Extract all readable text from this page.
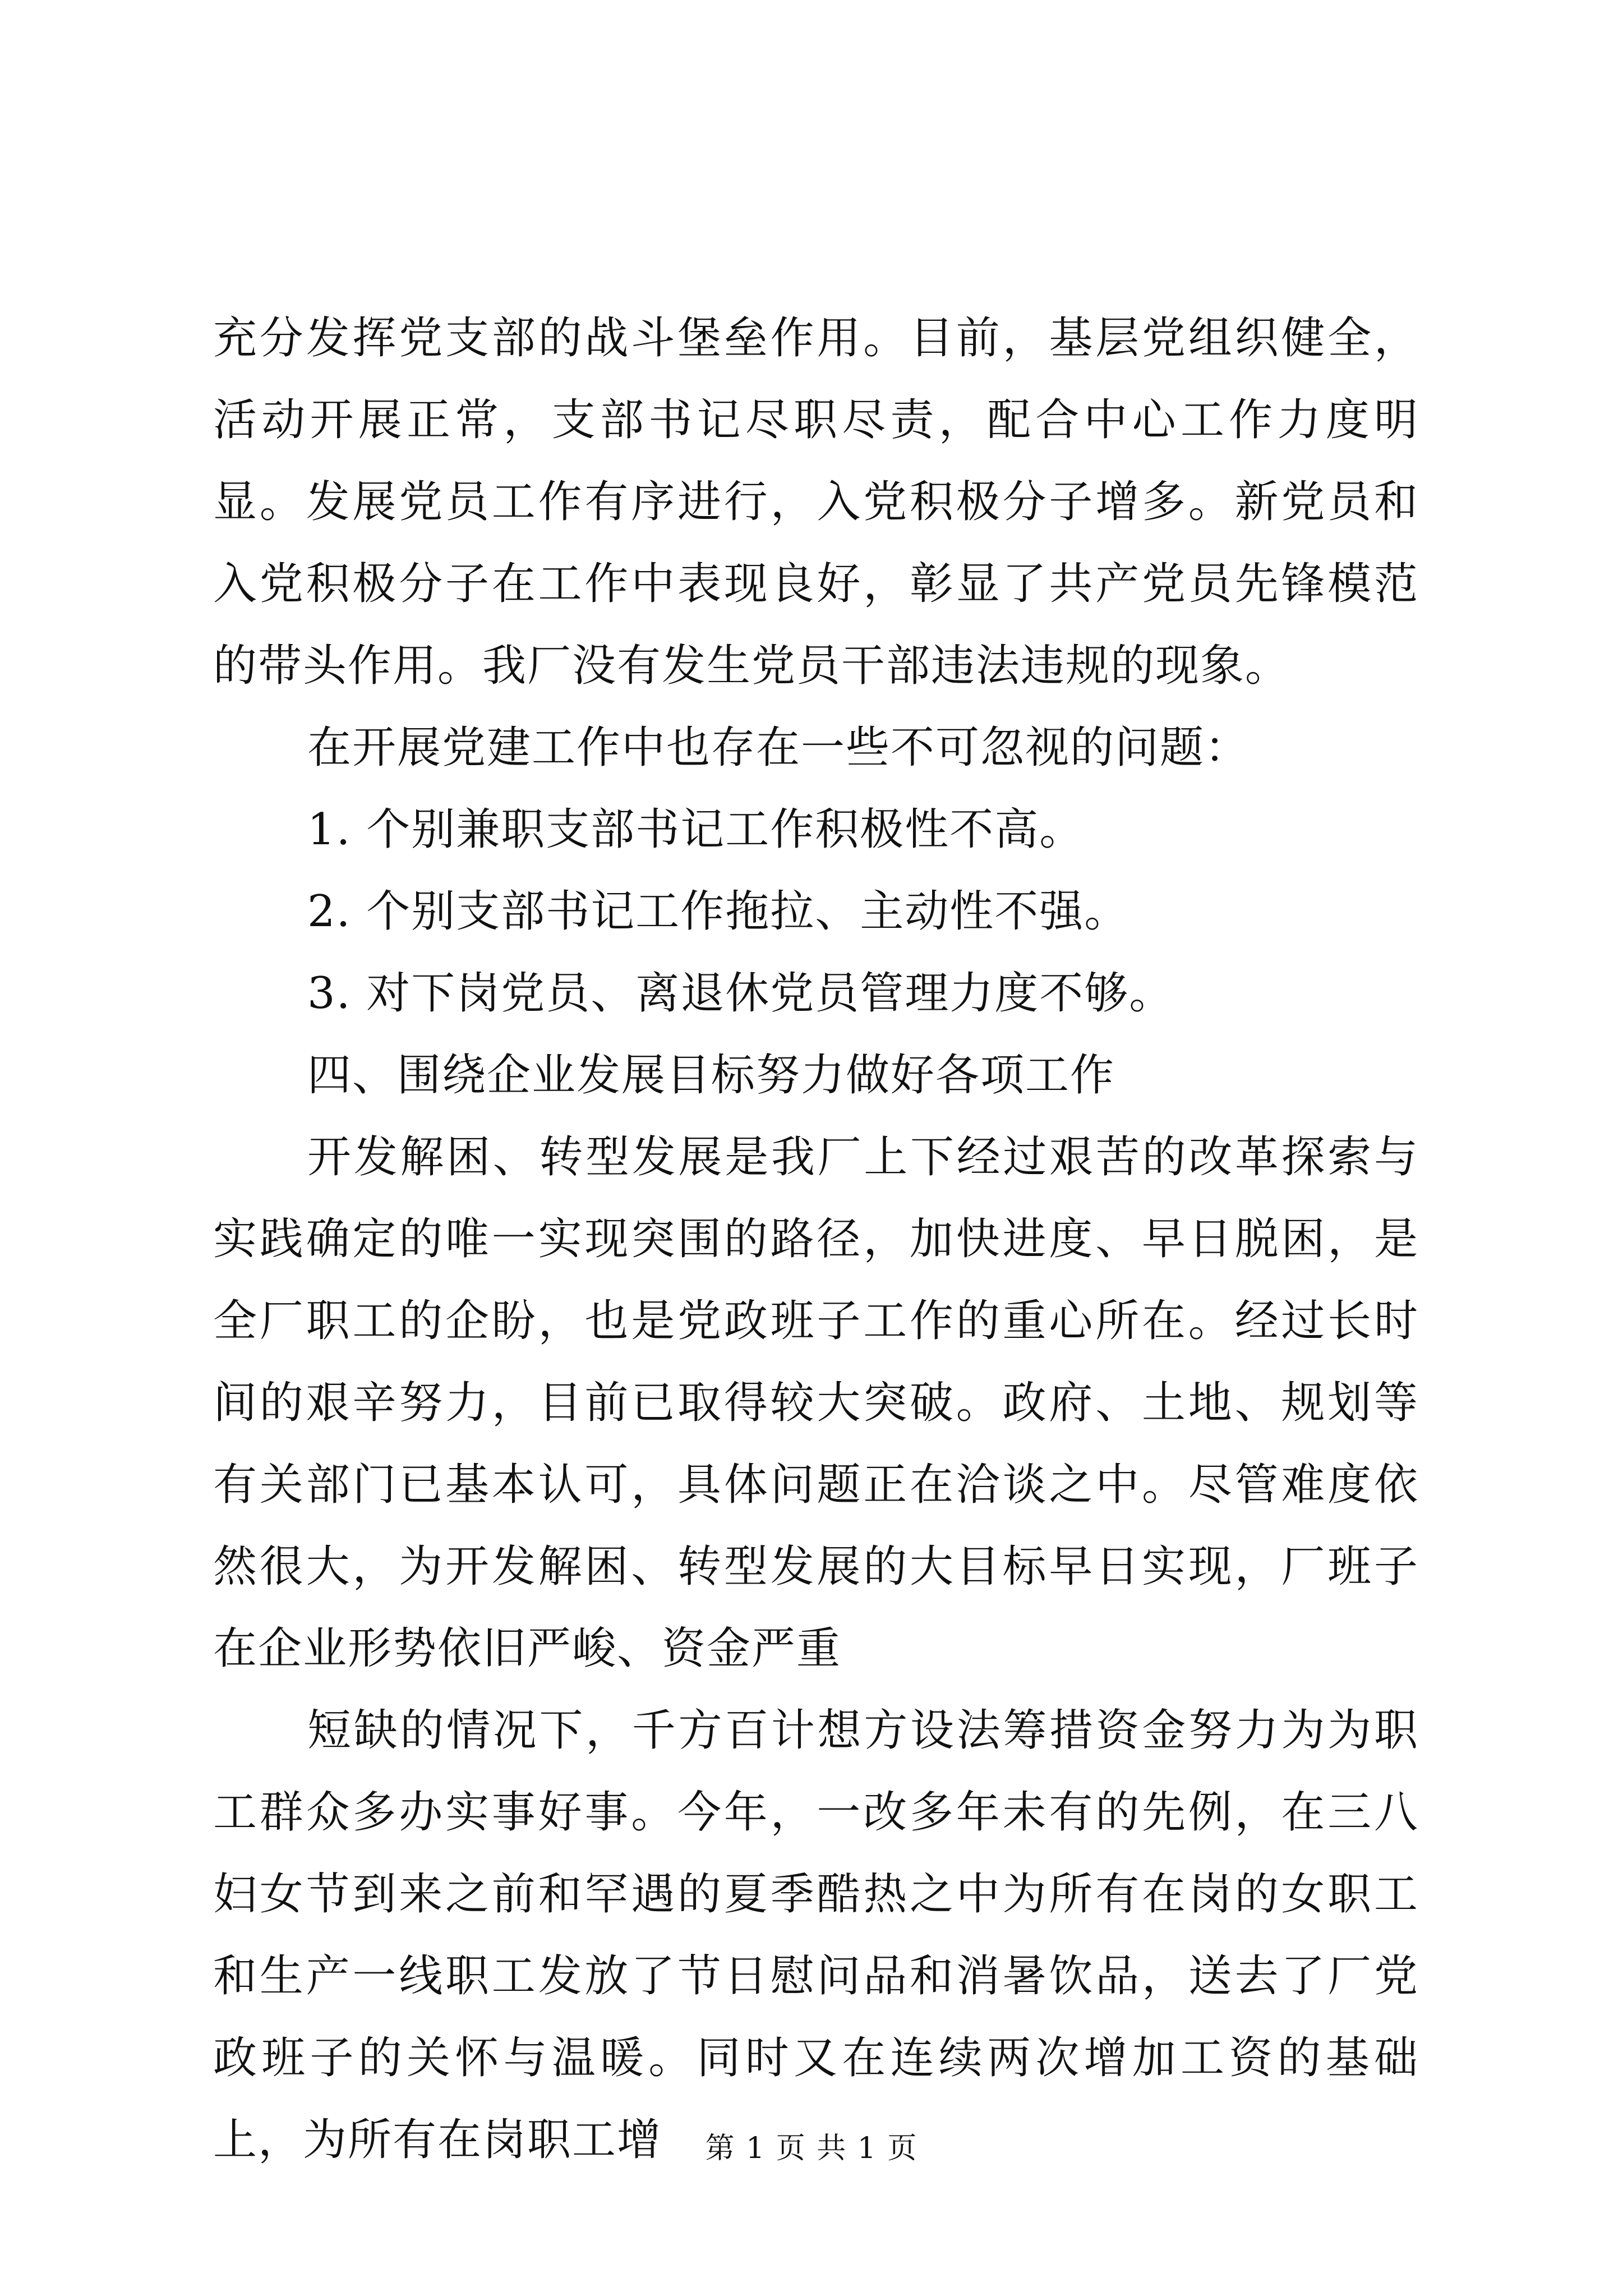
充分发挥党支部的战斗堡垒作用。目前，基层党组织健全，活动开展正常，支部书记尽职尽责，配合中心工作力度明显。发展党员工作有序进行，入党积极分子增多。新党员和入党积极分子在工作中表现良好，彰显了共产党员先锋模范的带头作用。我厂没有发生党员干部违法违规的现象。

在开展党建工作中也存在一些不可忽视的问题：

1. 个别兼职支部书记工作积极性不高。

2. 个别支部书记工作拖拉、主动性不强。

3. 对下岗党员、离退休党员管理力度不够。

四、围绕企业发展目标努力做好各项工作

开发解困、转型发展是我厂上下经过艰苦的改革探索与实践确定的唯一实现突围的路径，加快进度、早日脱困，是全厂职工的企盼，也是党政班子工作的重心所在。经过长时间的艰辛努力，目前已取得较大突破。政府、土地、规划等有关部门已基本认可，具体问题正在洽谈之中。尽管难度依然很大，为开发解困、转型发展的大目标早日实现，厂班子在企业形势依旧严峻、资金严重

短缺的情况下，千方百计想方设法筹措资金努力为为职工群众多办实事好事。今年，一改多年未有的先例，在三八妇女节到来之前和罕遇的夏季酷热之中为所有在岗的女职工和生产一线职工发放了节日慰问品和消暑饮品，送去了厂党政班子的关怀与温暖。同时又在连续两次增加工资的基础上，为所有在岗职工增	第 1 页 共 1 页
